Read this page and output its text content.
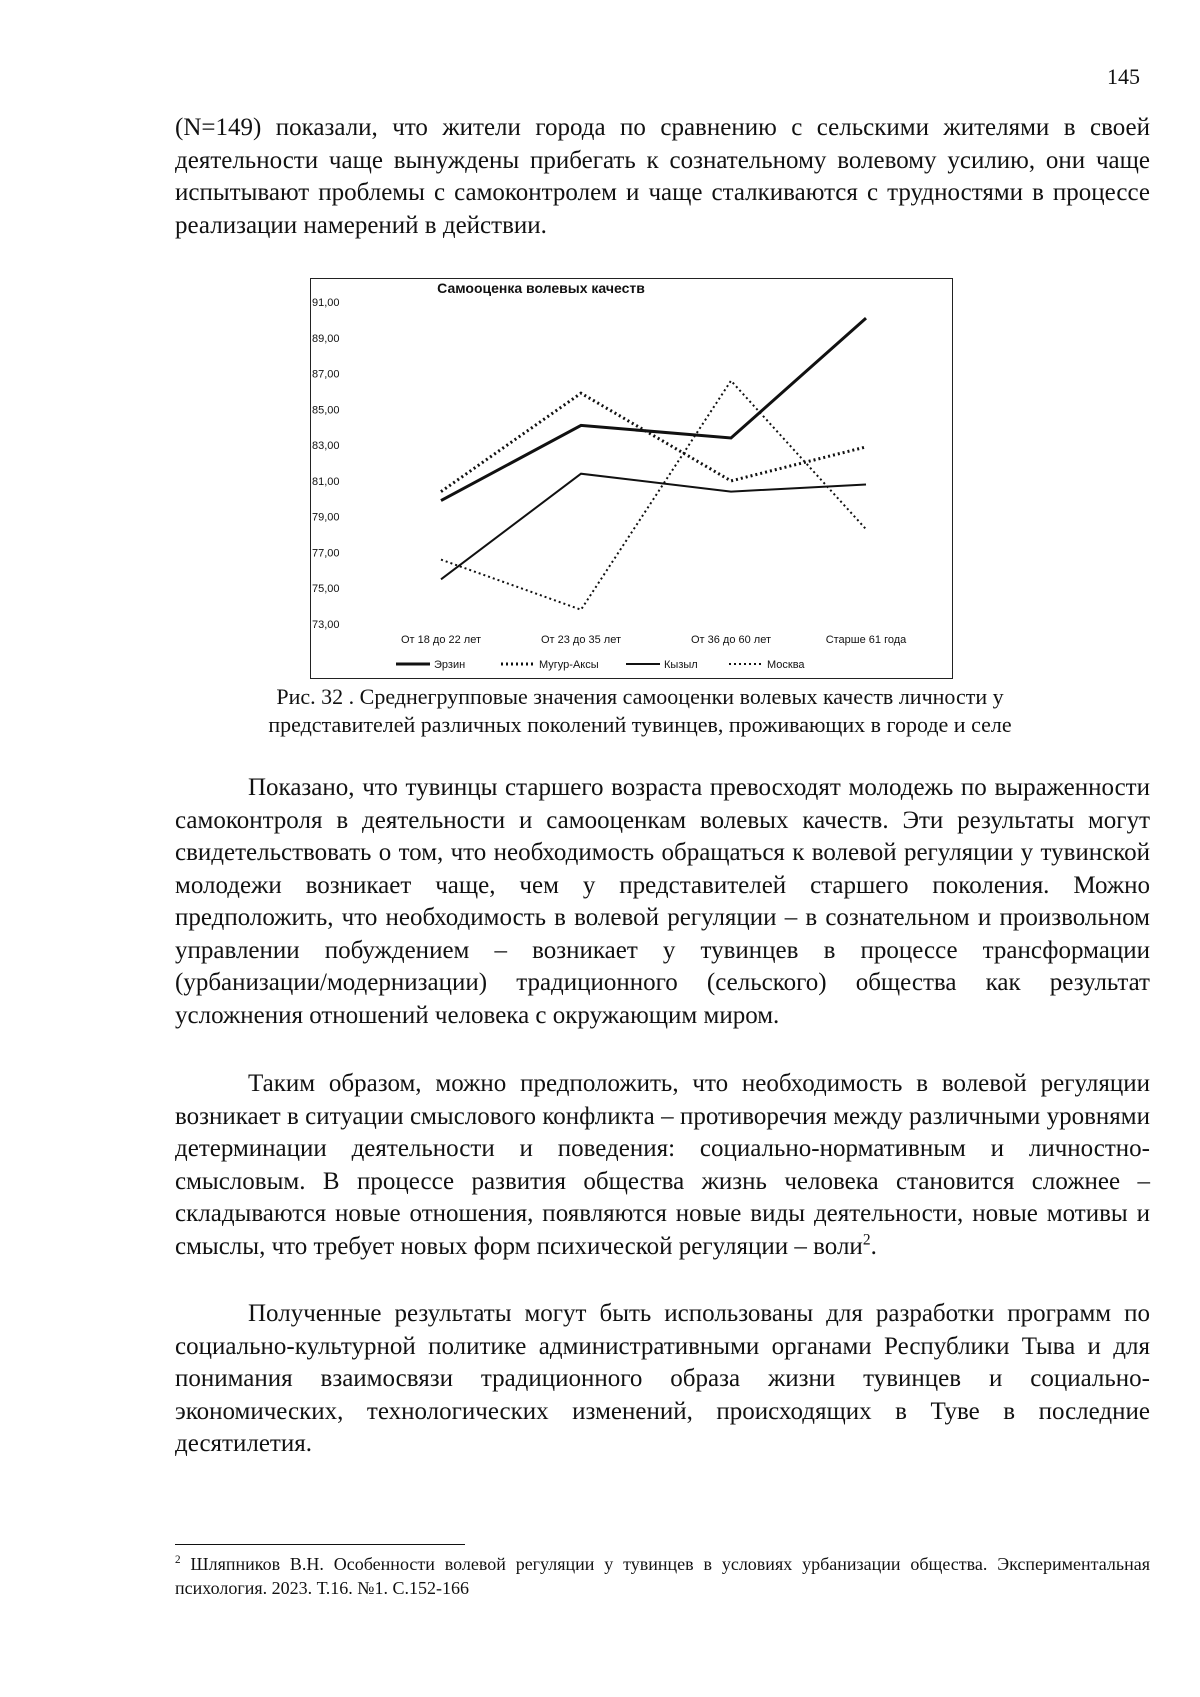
145

(N=149) показали, что жители города по сравнению с сельскими жителями в своей деятельности чаще вынуждены прибегать к сознательному волевому усилию, они чаще испытывают проблемы с самоконтролем и чаще сталкиваются с трудностями в процессе реализации намерений в действии.

Самооценка волевых качеств
91,00
89,00
87,00
85,00
83,00
81,00
79,00
77,00
75,00
73,00
От 18 до 22 лет	От 23 до 35 лет	От 36 до 60 лет	Старше 61 года
Эрзин	Мугур-Аксы	Кызыл	Москва
Рис. 32 . Среднегрупповые значения самооценки волевых качеств личности у
представителей различных поколений тувинцев, проживающих в городе и селе

Показано, что тувинцы старшего возраста превосходят молодежь по выраженности самоконтроля в деятельности и самооценкам волевых качеств. Эти результаты могут свидетельствовать о том, что необходимость обращаться к волевой регуляции у тувинской молодежи возникает чаще, чем у представителей старшего поколения. Можно предположить, что необходимость в волевой регуляции – в сознательном и произвольном управлении побуждением – возникает у тувинцев в процессе трансформации (урбанизации/модернизации) традиционного (сельского) общества как результат усложнения отношений человека с окружающим миром.

Таким образом, можно предположить, что необходимость в волевой регуляции возникает в ситуации смыслового конфликта – противоречия между различными уровнями детерминации деятельности и поведения: социально-нормативным и личностно-смысловым. В процессе развития общества жизнь человека становится сложнее – складываются новые отношения, появляются новые виды деятельности, новые мотивы и смыслы, что требует новых форм психической регуляции – воли$^2$.

Полученные результаты могут быть использованы для разработки программ по социально-культурной политике административными органами Республики Тыва и для понимания взаимосвязи традиционного образа жизни тувинцев и социально-экономических, технологических изменений, происходящих в Туве в последние десятилетия.

$^2$ Шляпников В.Н. Особенности волевой регуляции у тувинцев в условиях урбанизации общества. Экспериментальная психология. 2023. Т.16. №1. С.152-166
